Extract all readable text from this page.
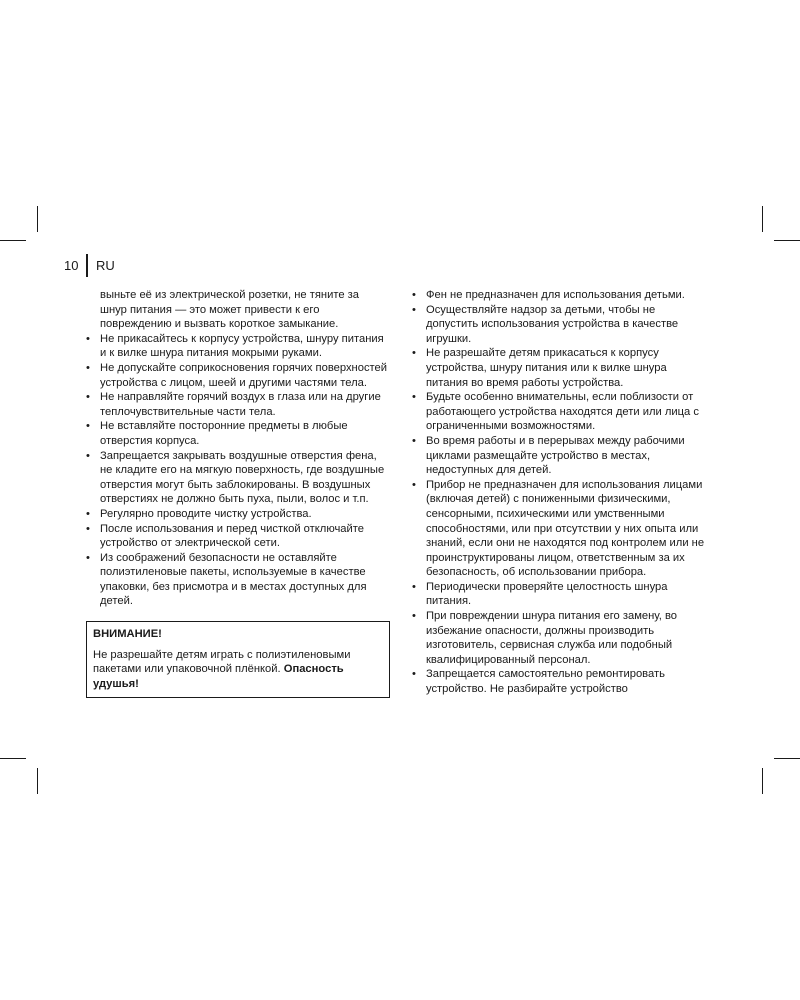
10 RU

выньте её из электрической розетки, не тяните за шнур питания — это может привести к его повреждению и вызвать короткое замыкание.

• Не прикасайтесь к корпусу устройства, шнуру питания и к вилке шнура питания мокрыми руками.
• Не допускайте соприкосновения горячих поверхностей устройства с лицом, шеей и другими частями тела.
• Не направляйте горячий воздух в глаза или на другие теплочувствительные части тела.
• Не вставляйте посторонние предметы в любые отверстия корпуса.
• Запрещается закрывать воздушные отверстия фена, не кладите его на мягкую поверхность, где воздушные отверстия могут быть заблокированы. В воздушных отверстиях не должно быть пуха, пыли, волос и т.п.
• Регулярно проводите чистку устройства.
• После использования и перед чисткой отключайте устройство от электрической сети.
• Из соображений безопасности не оставляйте полиэтиленовые пакеты, используемые в качестве упаковки, без присмотра и в местах доступных для детей.
ВНИМАНИЕ!
Не разрешайте детям играть с полиэтиленовыми пакетами или упаковочной плёнкой. Опасность удушья!
• Фен не предназначен для использования детьми.
• Осуществляйте надзор за детьми, чтобы не допустить использования устройства в качестве игрушки.
• Не разрешайте детям прикасаться к корпусу устройства, шнуру питания или к вилке шнура питания во время работы устройства.
• Будьте особенно внимательны, если поблизости от работающего устройства находятся дети или лица с ограниченными возможностями.
• Во время работы и в перерывах между рабочими циклами размещайте устройство в местах, недоступных для детей.
• Прибор не предназначен для использования лицами (включая детей) с пониженными физическими, сенсорными, психическими или умственными способностями, или при отсутствии у них опыта или знаний, если они не находятся под контролем или не проинструктированы лицом, ответственным за их безопасность, об использовании прибора.
• Периодически проверяйте целостность шнура питания.
• При повреждении шнура питания его замену, во избежание опасности, должны производить изготовитель, сервисная служба или подобный квалифицированный персонал.
• Запрещается самостоятельно ремонтировать устройство. Не разбирайте устройство
